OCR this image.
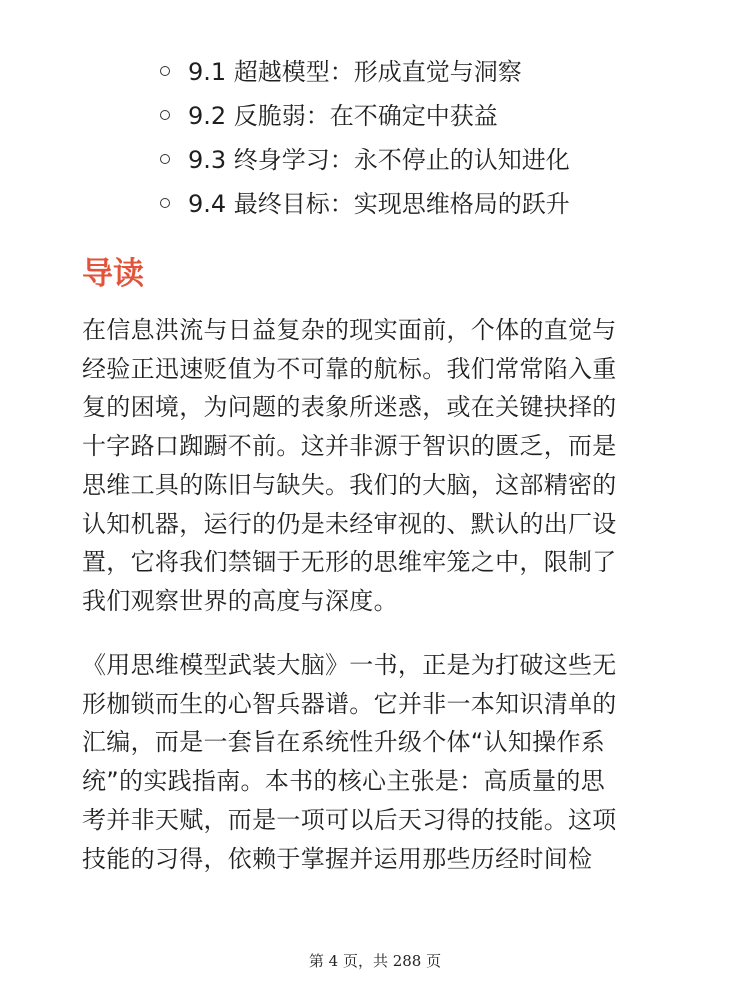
9.1 超越模型：形成直觉与洞察
9.2 反脆弱：在不确定中获益
9.3 终身学习：永不停止的认知进化
9.4 最终目标：实现思维格局的跃升
导读

在信息洪流与日益复杂的现实面前，个体的直觉与
经验正迅速贬值为不可靠的航标。我们常常陷入重
复的困境，为问题的表象所迷惑，或在关键抉择的
十字路口踟蹰不前。这并非源于智识的匮乏，而是
思维工具的陈旧与缺失。我们的大脑，这部精密的
认知机器，运行的仍是未经审视的、默认的出厂设
置，它将我们禁锢于无形的思维牢笼之中，限制了
我们观察世界的高度与深度。

《用思维模型武装大脑》一书，正是为打破这些无
形枷锁而生的心智兵器谱。它并非一本知识清单的
汇编，而是一套旨在系统性升级个体“认知操作系
统”的实践指南。本书的核心主张是：高质量的思
考并非天赋，而是一项可以后天习得的技能。这项
技能的习得，依赖于掌握并运用那些历经时间检

第 4 页，共 288 页
